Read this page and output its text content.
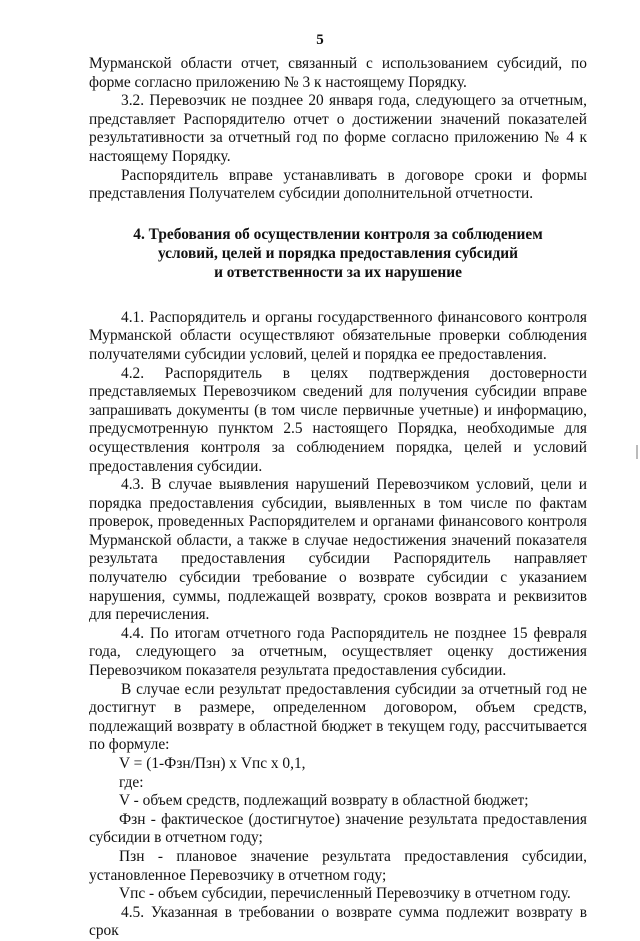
5

Мурманской области отчет, связанный с использованием субсидий, по форме согласно приложению № 3 к настоящему Порядку.

3.2. Перевозчик не позднее 20 января года, следующего за отчетным, представляет Распорядителю отчет о достижении значений показателей результативности за отчетный год по форме согласно приложению № 4 к настоящему Порядку.

Распорядитель вправе устанавливать в договоре сроки и формы представления Получателем субсидии дополнительной отчетности.

4. Требования об осуществлении контроля за соблюдением
условий, целей и порядка предоставления субсидий
и ответственности за их нарушение

4.1. Распорядитель и органы государственного финансового контроля Мурманской области осуществляют обязательные проверки соблюдения получателями субсидии условий, целей и порядка ее предоставления.

4.2. Распорядитель в целях подтверждения достоверности представляемых Перевозчиком сведений для получения субсидии вправе запрашивать документы (в том числе первичные учетные) и информацию, предусмотренную пунктом 2.5 настоящего Порядка, необходимые для осуществления контроля за соблюдением порядка, целей и условий предоставления субсидии.

4.3. В случае выявления нарушений Перевозчиком условий, цели и порядка предоставления субсидии, выявленных в том числе по фактам проверок, проведенных Распорядителем и органами финансового контроля Мурманской области, а также в случае недостижения значений показателя результата предоставления субсидии Распорядитель направляет получателю субсидии требование о возврате субсидии с указанием нарушения, суммы, подлежащей возврату, сроков возврата и реквизитов для перечисления.

4.4. По итогам отчетного года Распорядитель не позднее 15 февраля года, следующего за отчетным, осуществляет оценку достижения Перевозчиком показателя результата предоставления субсидии.

В случае если результат предоставления субсидии за отчетный год не достигнут в размере, определенном договором, объем средств, подлежащий возврату в областной бюджет в текущем году, рассчитывается по формуле:

V = (1-Фзн/Пзн) х Vпс х 0,1,

где:

V - объем средств, подлежащий возврату в областной бюджет;

Фзн - фактическое (достигнутое) значение результата предоставления субсидии в отчетном году;

Пзн - плановое значение результата предоставления субсидии, установленное Перевозчику в отчетном году;

Vпс - объем субсидии, перечисленный Перевозчику в отчетном году.

4.5. Указанная в требовании о возврате сумма подлежит возврату в срок
